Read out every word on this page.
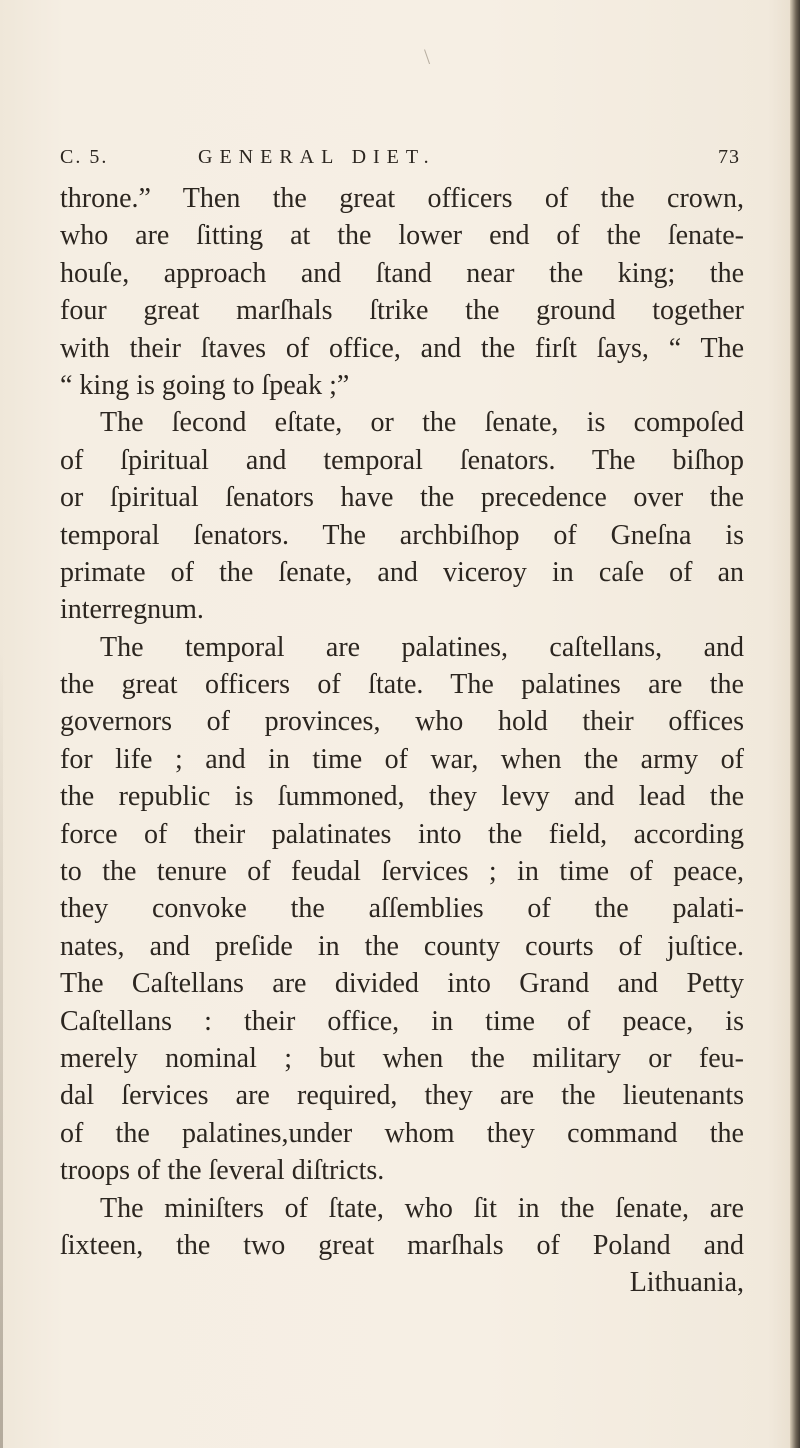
\
C. 5.	GENERAL DIET.	73
throne.” Then the great officers of the crown,
who are ſitting at the lower end of the ſenate-
houſe, approach and ſtand near the king; the
four great marſhals ſtrike the ground together
with their ſtaves of office, and the firſt ſays, “ The
“ king is going to ſpeak ;”
The ſecond eſtate, or the ſenate, is compoſed
of ſpiritual and temporal ſenators. The biſhop
or ſpiritual ſenators have the precedence over the
temporal ſenators. The archbiſhop of Gneſna is
primate of the ſenate, and viceroy in caſe of an
interregnum.
The temporal are palatines, caſtellans, and
the great officers of ſtate. The palatines are the
governors of provinces, who hold their offices
for life ; and in time of war, when the army of
the republic is ſummoned, they levy and lead the
force of their palatinates into the field, according
to the tenure of feudal ſervices ; in time of peace,
they convoke the aſſemblies of the palati-
nates, and preſide in the county courts of juſtice.
The Caſtellans are divided into Grand and Petty
Caſtellans : their office, in time of peace, is
merely nominal ; but when the military or feu-
dal ſervices are required, they are the lieutenants
of the palatines,under whom they command the
troops of the ſeveral diſtricts.
The miniſters of ſtate, who ſit in the ſenate, are
ſixteen, the two great marſhals of Poland and
Lithuania,
